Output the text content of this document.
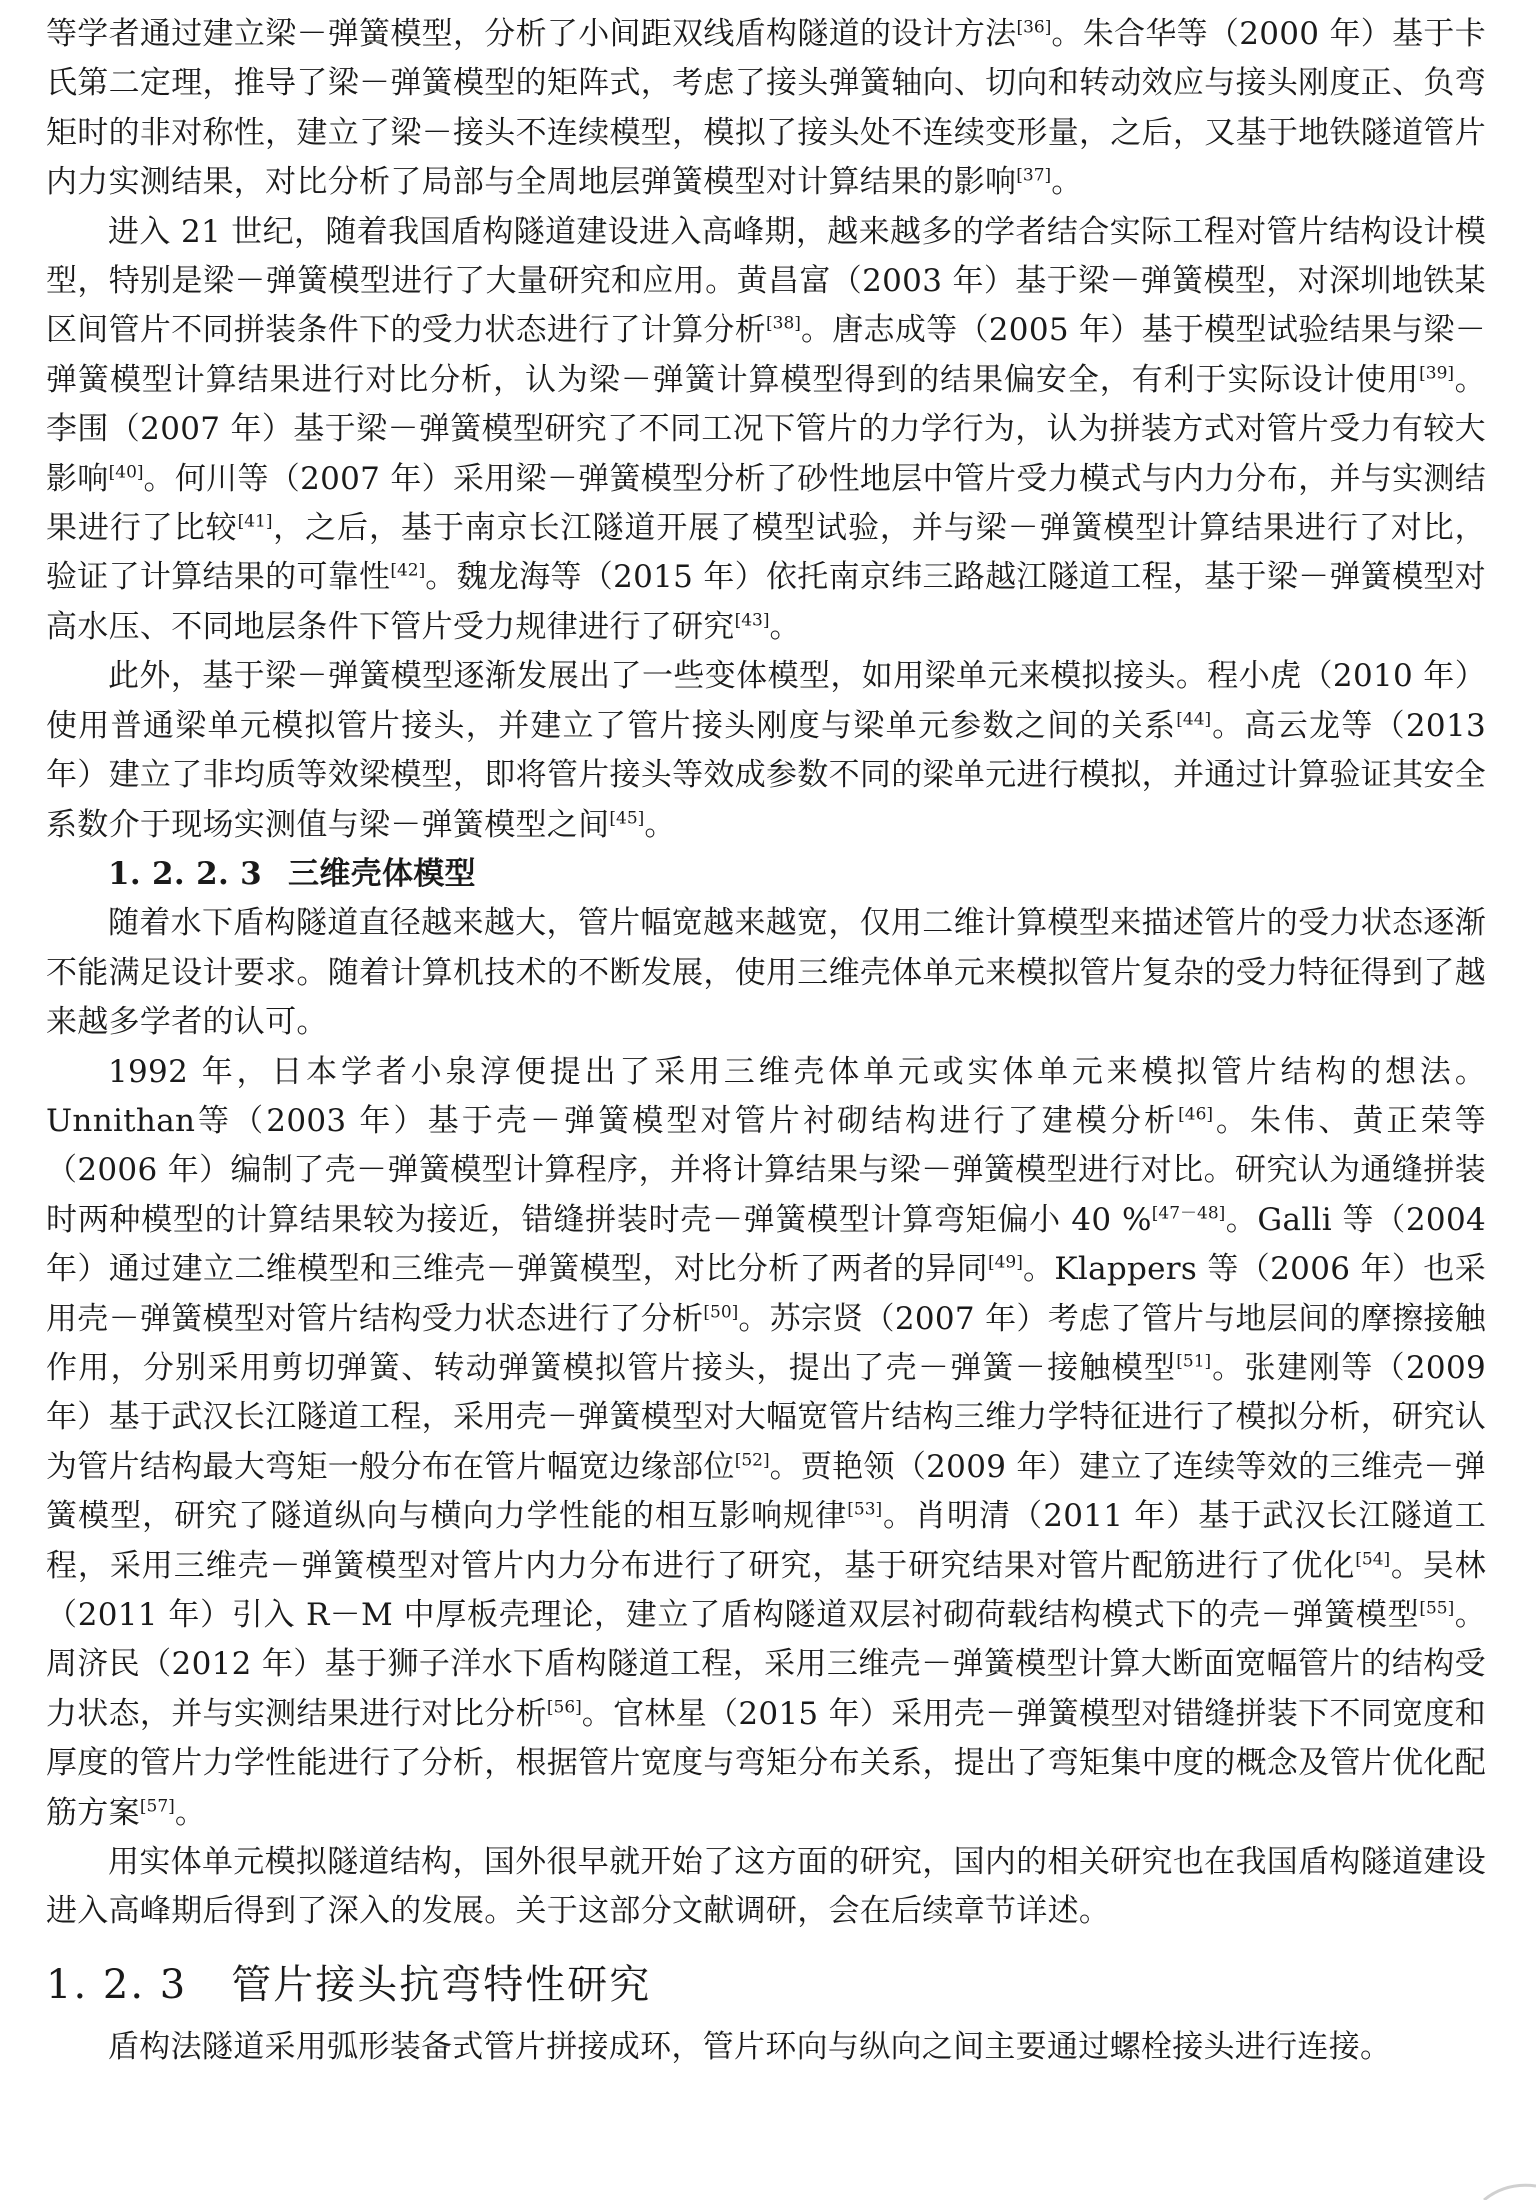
等学者通过建立梁－弹簧模型，分析了小间距双线盾构隧道的设计方法[36]。朱合华等（2000 年）基于卡氏第二定理，推导了梁－弹簧模型的矩阵式，考虑了接头弹簧轴向、切向和转动效应与接头刚度正、负弯矩时的非对称性，建立了梁－接头不连续模型，模拟了接头处不连续变形量，之后，又基于地铁隧道管片内力实测结果，对比分析了局部与全周地层弹簧模型对计算结果的影响[37]。

进入 21 世纪，随着我国盾构隧道建设进入高峰期，越来越多的学者结合实际工程对管片结构设计模型，特别是梁－弹簧模型进行了大量研究和应用。黄昌富（2003 年）基于梁－弹簧模型，对深圳地铁某区间管片不同拼装条件下的受力状态进行了计算分析[38]。唐志成等（2005 年）基于模型试验结果与梁－弹簧模型计算结果进行对比分析，认为梁－弹簧计算模型得到的结果偏安全，有利于实际设计使用[39]。李围（2007 年）基于梁－弹簧模型研究了不同工况下管片的力学行为，认为拼装方式对管片受力有较大影响[40]。何川等（2007 年）采用梁－弹簧模型分析了砂性地层中管片受力模式与内力分布，并与实测结果进行了比较[41]，之后，基于南京长江隧道开展了模型试验，并与梁－弹簧模型计算结果进行了对比，验证了计算结果的可靠性[42]。魏龙海等（2015 年）依托南京纬三路越江隧道工程，基于梁－弹簧模型对高水压、不同地层条件下管片受力规律进行了研究[43]。

此外，基于梁－弹簧模型逐渐发展出了一些变体模型，如用梁单元来模拟接头。程小虎（2010 年）使用普通梁单元模拟管片接头，并建立了管片接头刚度与梁单元参数之间的关系[44]。高云龙等（2013 年）建立了非均质等效梁模型，即将管片接头等效成参数不同的梁单元进行模拟，并通过计算验证其安全系数介于现场实测值与梁－弹簧模型之间[45]。

1. 2. 2. 3 三维壳体模型

随着水下盾构隧道直径越来越大，管片幅宽越来越宽，仅用二维计算模型来描述管片的受力状态逐渐不能满足设计要求。随着计算机技术的不断发展，使用三维壳体单元来模拟管片复杂的受力特征得到了越来越多学者的认可。

1992 年，日本学者小泉淳便提出了采用三维壳体单元或实体单元来模拟管片结构的想法。Unnithan等（2003 年）基于壳－弹簧模型对管片衬砌结构进行了建模分析[46]。朱伟、黄正荣等（2006 年）编制了壳－弹簧模型计算程序，并将计算结果与梁－弹簧模型进行对比。研究认为通缝拼装时两种模型的计算结果较为接近，错缝拼装时壳－弹簧模型计算弯矩偏小 40 %[47－48]。Galli 等（2004 年）通过建立二维模型和三维壳－弹簧模型，对比分析了两者的异同[49]。Klappers 等（2006 年）也采用壳－弹簧模型对管片结构受力状态进行了分析[50]。苏宗贤（2007 年）考虑了管片与地层间的摩擦接触作用，分别采用剪切弹簧、转动弹簧模拟管片接头，提出了壳－弹簧－接触模型[51]。张建刚等（2009 年）基于武汉长江隧道工程，采用壳－弹簧模型对大幅宽管片结构三维力学特征进行了模拟分析，研究认为管片结构最大弯矩一般分布在管片幅宽边缘部位[52]。贾艳领（2009 年）建立了连续等效的三维壳－弹簧模型，研究了隧道纵向与横向力学性能的相互影响规律[53]。肖明清（2011 年）基于武汉长江隧道工程，采用三维壳－弹簧模型对管片内力分布进行了研究，基于研究结果对管片配筋进行了优化[54]。吴林（2011 年）引入 R－M 中厚板壳理论，建立了盾构隧道双层衬砌荷载结构模式下的壳－弹簧模型[55]。周济民（2012 年）基于狮子洋水下盾构隧道工程，采用三维壳－弹簧模型计算大断面宽幅管片的结构受力状态，并与实测结果进行对比分析[56]。官林星（2015 年）采用壳－弹簧模型对错缝拼装下不同宽度和厚度的管片力学性能进行了分析，根据管片宽度与弯矩分布关系，提出了弯矩集中度的概念及管片优化配筋方案[57]。

用实体单元模拟隧道结构，国外很早就开始了这方面的研究，国内的相关研究也在我国盾构隧道建设进入高峰期后得到了深入的发展。关于这部分文献调研，会在后续章节详述。

1. 2. 3 管片接头抗弯特性研究

盾构法隧道采用弧形装备式管片拼接成环，管片环向与纵向之间主要通过螺栓接头进行连接。
